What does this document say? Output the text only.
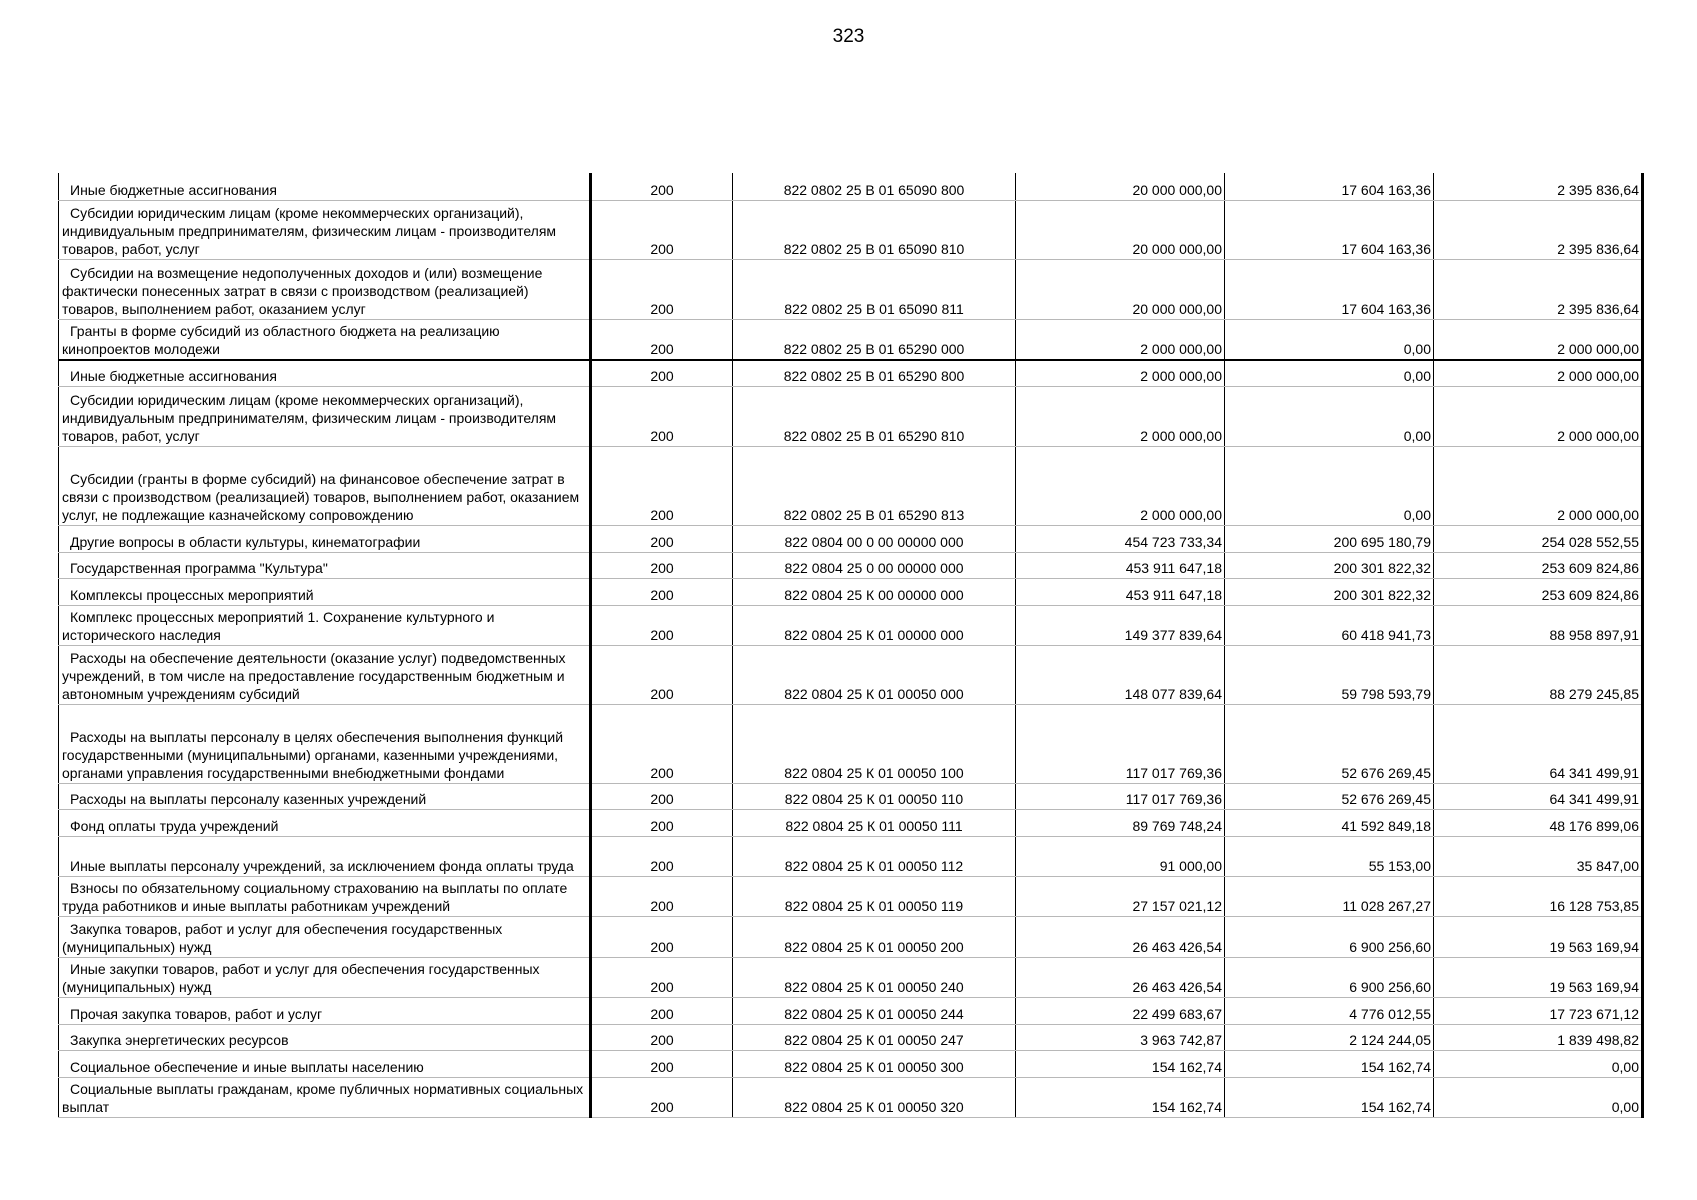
323
Иные бюджетные ассигнования	200	822 0802 25 В 01 65090 800	20 000 000,00	17 604 163,36	2 395 836,64
Субсидии юридическим лицам (кроме некоммерческих организаций), индивидуальным предпринимателям, физическим лицам - производителям товаров, работ, услуг	200	822 0802 25 В 01 65090 810	20 000 000,00	17 604 163,36	2 395 836,64
Субсидии на возмещение недополученных доходов и (или) возмещение фактически понесенных затрат в связи с производством (реализацией) товаров, выполнением работ, оказанием услуг	200	822 0802 25 В 01 65090 811	20 000 000,00	17 604 163,36	2 395 836,64
Гранты в форме субсидий из областного бюджета на реализацию кинопроектов молодежи	200	822 0802 25 В 01 65290 000	2 000 000,00	0,00	2 000 000,00
Иные бюджетные ассигнования	200	822 0802 25 В 01 65290 800	2 000 000,00	0,00	2 000 000,00
Субсидии юридическим лицам (кроме некоммерческих организаций), индивидуальным предпринимателям, физическим лицам - производителям товаров, работ, услуг	200	822 0802 25 В 01 65290 810	2 000 000,00	0,00	2 000 000,00
Субсидии (гранты в форме субсидий) на финансовое обеспечение затрат в связи с производством (реализацией) товаров, выполнением работ, оказанием услуг, не подлежащие казначейскому сопровождению	200	822 0802 25 В 01 65290 813	2 000 000,00	0,00	2 000 000,00
Другие вопросы в области культуры, кинематографии	200	822 0804 00 0 00 00000 000	454 723 733,34	200 695 180,79	254 028 552,55
Государственная программа "Культура"	200	822 0804 25 0 00 00000 000	453 911 647,18	200 301 822,32	253 609 824,86
Комплексы процессных мероприятий	200	822 0804 25 К 00 00000 000	453 911 647,18	200 301 822,32	253 609 824,86
Комплекс процессных мероприятий 1. Сохранение культурного и исторического наследия	200	822 0804 25 К 01 00000 000	149 377 839,64	60 418 941,73	88 958 897,91
Расходы на обеспечение деятельности (оказание услуг) подведомственных учреждений, в том числе на предоставление государственным бюджетным и автономным учреждениям субсидий	200	822 0804 25 К 01 00050 000	148 077 839,64	59 798 593,79	88 279 245,85
Расходы на выплаты персоналу в целях обеспечения выполнения функций государственными (муниципальными) органами, казенными учреждениями, органами управления государственными внебюджетными фондами	200	822 0804 25 К 01 00050 100	117 017 769,36	52 676 269,45	64 341 499,91
Расходы на выплаты персоналу казенных учреждений	200	822 0804 25 К 01 00050 110	117 017 769,36	52 676 269,45	64 341 499,91
Фонд оплаты труда учреждений	200	822 0804 25 К 01 00050 111	89 769 748,24	41 592 849,18	48 176 899,06
Иные выплаты персоналу учреждений, за исключением фонда оплаты труда	200	822 0804 25 К 01 00050 112	91 000,00	55 153,00	35 847,00
Взносы по обязательному социальному страхованию на выплаты по оплате труда работников и иные выплаты работникам учреждений	200	822 0804 25 К 01 00050 119	27 157 021,12	11 028 267,27	16 128 753,85
Закупка товаров, работ и услуг для обеспечения государственных (муниципальных) нужд	200	822 0804 25 К 01 00050 200	26 463 426,54	6 900 256,60	19 563 169,94
Иные закупки товаров, работ и услуг для обеспечения государственных (муниципальных) нужд	200	822 0804 25 К 01 00050 240	26 463 426,54	6 900 256,60	19 563 169,94
Прочая закупка товаров, работ и услуг	200	822 0804 25 К 01 00050 244	22 499 683,67	4 776 012,55	17 723 671,12
Закупка энергетических ресурсов	200	822 0804 25 К 01 00050 247	3 963 742,87	2 124 244,05	1 839 498,82
Социальное обеспечение и иные выплаты населению	200	822 0804 25 К 01 00050 300	154 162,74	154 162,74	0,00
Социальные выплаты гражданам, кроме публичных нормативных социальных выплат	200	822 0804 25 К 01 00050 320	154 162,74	154 162,74	0,00
